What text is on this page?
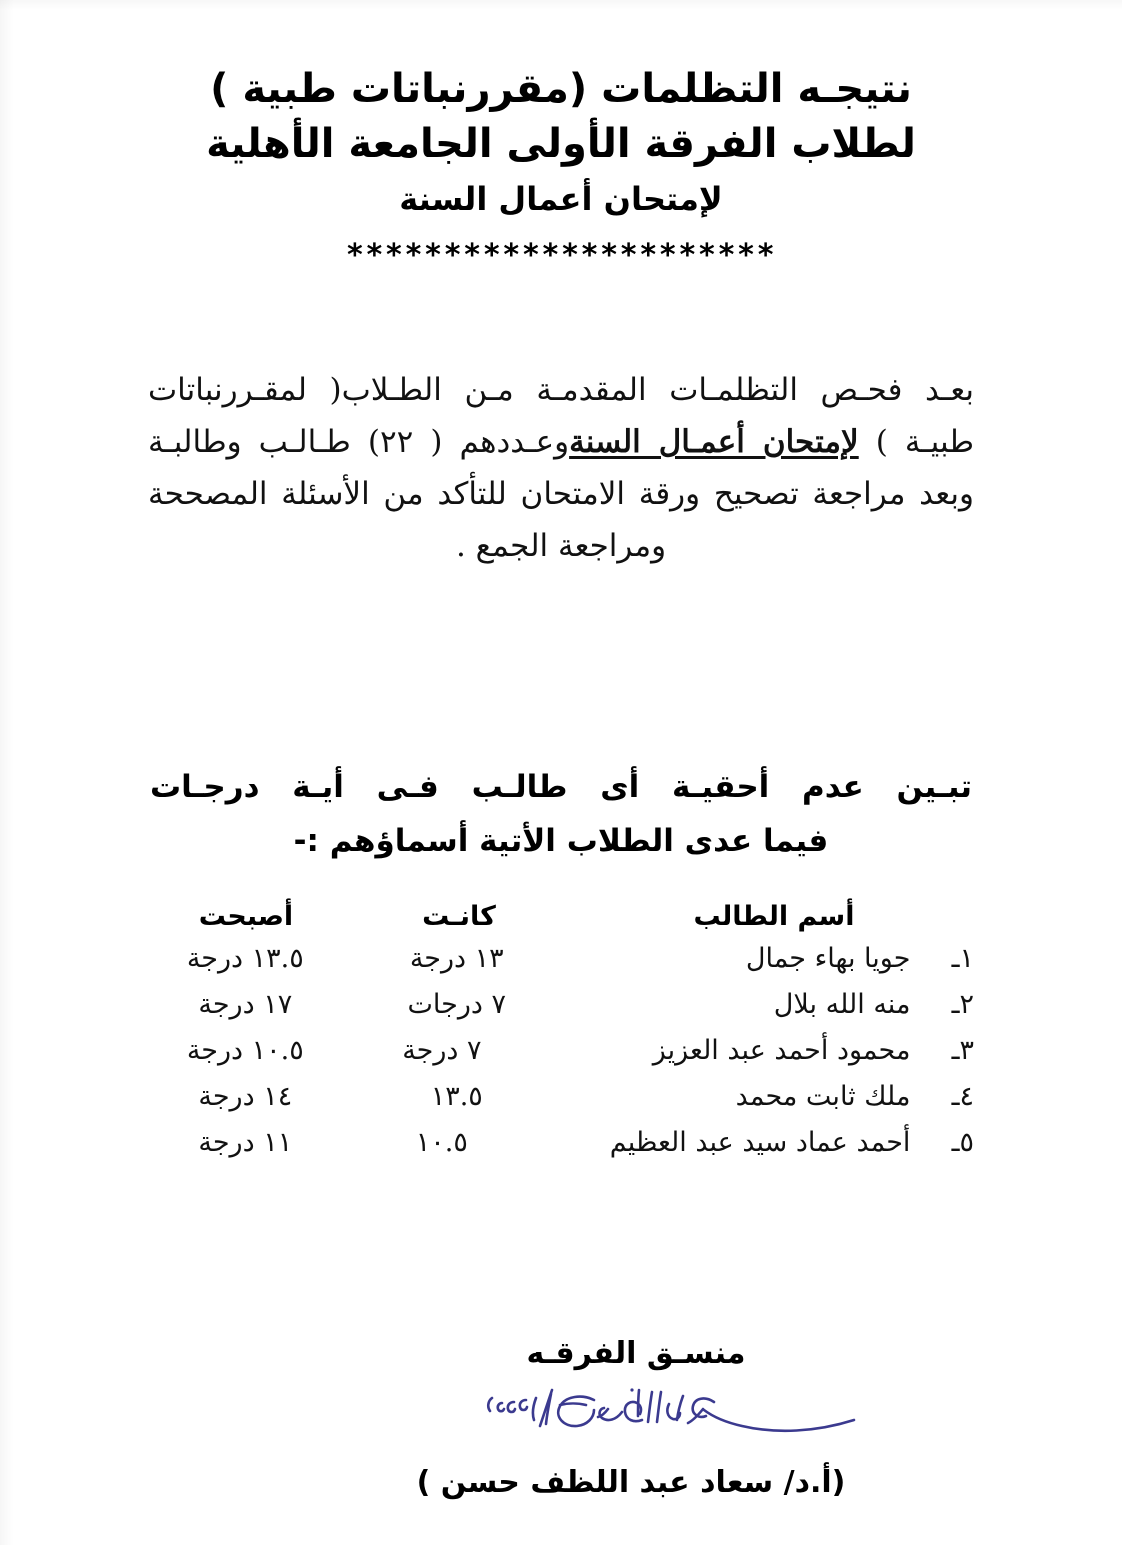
نتيجـه التظلمات (مقررنباتات طبية )
لطلاب الفرقة الأولى الجامعة الأهلية
لإمتحان أعمال السنة
**********************
بعـد فحـص التظلمـات المقدمـة مـن الطـلاب( لمقـررنباتات طبيـة ) لإمتحان أعمـال السنةوعـددهم ( ٢٢) طـالـب وطالبـة
وبعد مراجعة تصحيح ورقة الامتحان للتأكد من الأسئلة المصححة ومراجعة الجمع .
تبـين عدم أحقيـة أى طالـب فـى أيـة درجـات
فيما عدى الطلاب الأتية أسماؤهم :-
أسم الطالب
كانـت
أصبحت
١ـ
جويا بهاء جمال
١٣ درجة
١٣.٥ درجة
٢ـ
منه الله بلال
٧ درجات
١٧ درجة
٣ـ
محمود أحمد عبد العزيز
٧ درجة
١٠.٥ درجة
٤ـ
ملك ثابت محمد
١٣.٥
١٤ درجة
٥ـ
أحمد عماد سيد عبد العظيم
١٠.٥
١١ درجة
منسـق الفرقـه
(أ.د/ سعاد عبد اللظف حسن )
